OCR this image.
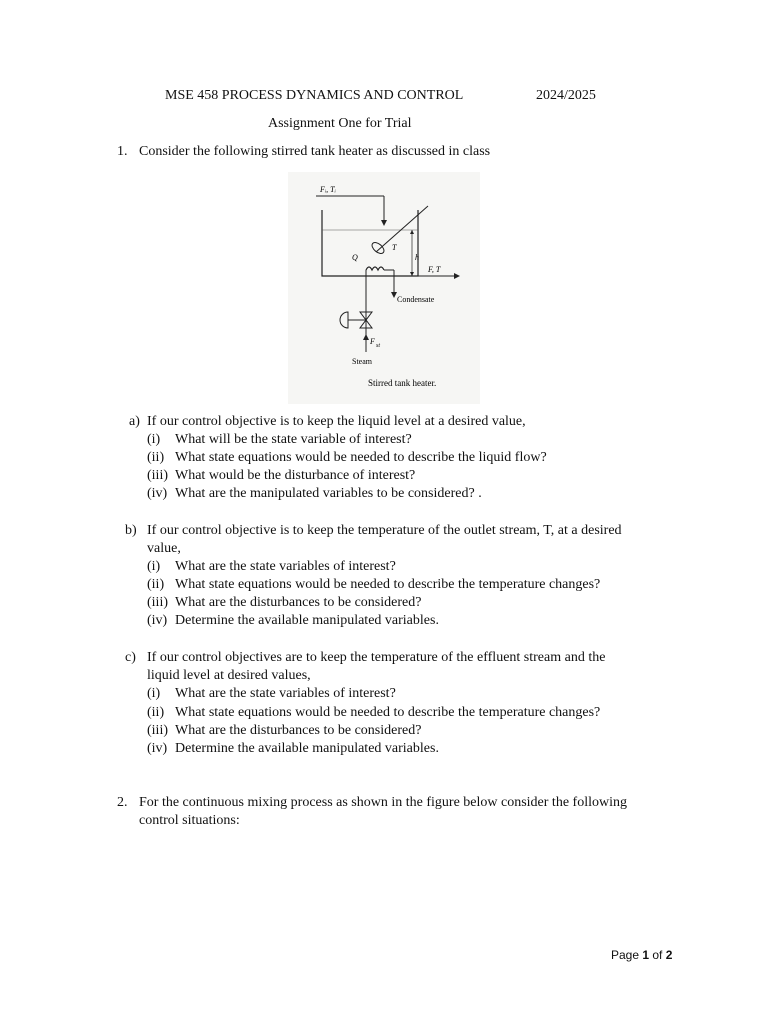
MSE 458 PROCESS DYNAMICS AND CONTROL	2024/2025
Assignment One for Trial
1. Consider the following stirred tank heater as discussed in class
Fᵢ, Tᵢ
h
T
Q
Condensate
F, T
F st
Steam
Stirred tank heater.
a) If our control objective is to keep the liquid level at a desired value,
(i) What will be the state variable of interest?
(ii) What state equations would be needed to describe the liquid flow?
(iii) What would be the disturbance of interest?
(iv) What are the manipulated variables to be considered? .
b) If our control objective is to keep the temperature of the outlet stream, T, at a desired
value,
(i) What are the state variables of interest?
(ii) What state equations would be needed to describe the temperature changes?
(iii) What are the disturbances to be considered?
(iv) Determine the available manipulated variables.
c) If our control objectives are to keep the temperature of the effluent stream and the
liquid level at desired values,
(i) What are the state variables of interest?
(ii) What state equations would be needed to describe the temperature changes?
(iii) What are the disturbances to be considered?
(iv) Determine the available manipulated variables.
2. For the continuous mixing process as shown in the figure below consider the following
control situations:
Page 1 of 2
